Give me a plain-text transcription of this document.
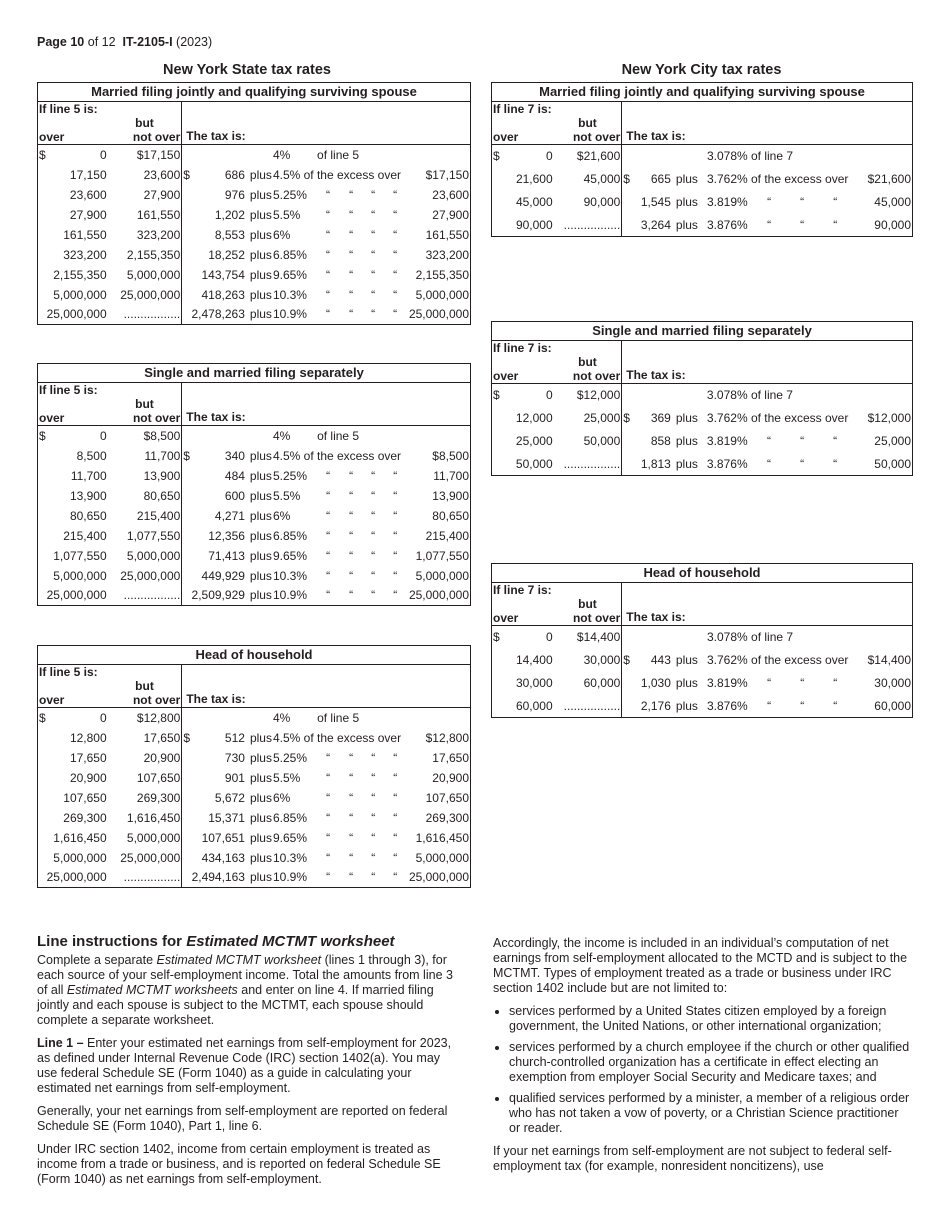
Page 10 of 12 IT-2105-I (2023)
New York State tax rates	New York City tax rates
Married filing jointly and qualifying surviving spouse										
If line 5 is:		The tax is:								
	but									
over	not over									

$ 0	$17,150				4%	of line 5				
17,150	23,600	$	686	plus	4.5% of the excess over					$17,150
23,600	27,900		976	plus	5.25%	“	“	“	“	23,600
27,900	161,550		1,202	plus	5.5%	“	“	“	“	27,900
161,550	323,200		8,553	plus	6%	“	“	“	“	161,550
323,200	2,155,350		18,252	plus	6.85%	“	“	“	“	323,200
2,155,350	5,000,000		143,754	plus	9.65%	“	“	“	“	2,155,350
5,000,000	25,000,000		418,263	plus	10.3%	“	“	“	“	5,000,000
25,000,000	.................		2,478,263	plus	10.9%	“	“	“	“	25,000,000
Single and married filing separately										
If line 5 is:		The tax is:								
	but									
over	not over									

$ 0	$8,500				4%	of line 5				
8,500	11,700	$	340	plus	4.5% of the excess over					$8,500
11,700	13,900		484	plus	5.25%	“	“	“	“	11,700
13,900	80,650		600	plus	5.5%	“	“	“	“	13,900
80,650	215,400		4,271	plus	6%	“	“	“	“	80,650
215,400	1,077,550		12,356	plus	6.85%	“	“	“	“	215,400
1,077,550	5,000,000		71,413	plus	9.65%	“	“	“	“	1,077,550
5,000,000	25,000,000		449,929	plus	10.3%	“	“	“	“	5,000,000
25,000,000	.................		2,509,929	plus	10.9%	“	“	“	“	25,000,000
Head of household										
If line 5 is:		The tax is:								
	but									
over	not over									

$ 0	$12,800				4%	of line 5				
12,800	17,650	$	512	plus	4.5% of the excess over					$12,800
17,650	20,900		730	plus	5.25%	“	“	“	“	17,650
20,900	107,650		901	plus	5.5%	“	“	“	“	20,900
107,650	269,300		5,672	plus	6%	“	“	“	“	107,650
269,300	1,616,450		15,371	plus	6.85%	“	“	“	“	269,300
1,616,450	5,000,000		107,651	plus	9.65%	“	“	“	“	1,616,450
5,000,000	25,000,000		434,163	plus	10.3%	“	“	“	“	5,000,000
25,000,000	.................		2,494,163	plus	10.9%	“	“	“	“	25,000,000
Married filing jointly and qualifying surviving spouse									
If line 7 is:		The tax is:							
	but								
over	not over								

$ 0	$21,600				3.078% of line 7				
21,600	45,000	$	665	plus	3.762% of the excess over				$21,600
45,000	90,000		1,545	plus	3.819%	“	“	“	45,000
90,000	.................		3,264	plus	3.876%	“	“	“	90,000
Single and married filing separately									
If line 7 is:		The tax is:							
	but								
over	not over								

$ 0	$12,000				3.078% of line 7				
12,000	25,000	$	369	plus	3.762% of the excess over				$12,000
25,000	50,000		858	plus	3.819%	“	“	“	25,000
50,000	.................		1,813	plus	3.876%	“	“	“	50,000
Head of household									
If line 7 is:		The tax is:							
	but								
over	not over								

$ 0	$14,400				3.078% of line 7				
14,400	30,000	$	443	plus	3.762% of the excess over				$14,400
30,000	60,000		1,030	plus	3.819%	“	“	“	30,000
60,000	.................		2,176	plus	3.876%	“	“	“	60,000
Line instructions for Estimated MCTMT worksheet

Complete a separate Estimated MCTMT worksheet (lines 1 through 3), for each source of your self-employment income. Total the amounts from line 3 of all Estimated MCTMT worksheets and enter on line 4. If married filing jointly and each spouse is subject to the MCTMT, each spouse should complete a separate worksheet.

Line 1 – Enter your estimated net earnings from self-employment for 2023, as defined under Internal Revenue Code (IRC) section 1402(a). You may use federal Schedule SE (Form 1040) as a guide in calculating your estimated net earnings from self-employment.

Generally, your net earnings from self-employment are reported on federal Schedule SE (Form 1040), Part 1, line 6.

Under IRC section 1402, income from certain employment is treated as income from a trade or business, and is reported on federal Schedule SE (Form 1040) as net earnings from self-employment.

Accordingly, the income is included in an individual’s computation of net earnings from self-employment allocated to the MCTD and is subject to the MCTMT. Types of employment treated as a trade or business under IRC section 1402 include but are not limited to:

• services performed by a United States citizen employed by a foreign government, the United Nations, or other international organization;
• services performed by a church employee if the church or other qualified church-controlled organization has a certificate in effect electing an exemption from employer Social Security and Medicare taxes; and
• qualified services performed by a minister, a member of a religious order who has not taken a vow of poverty, or a Christian Science practitioner or reader.

If your net earnings from self-employment are not subject to federal self-employment tax (for example, nonresident noncitizens), use
